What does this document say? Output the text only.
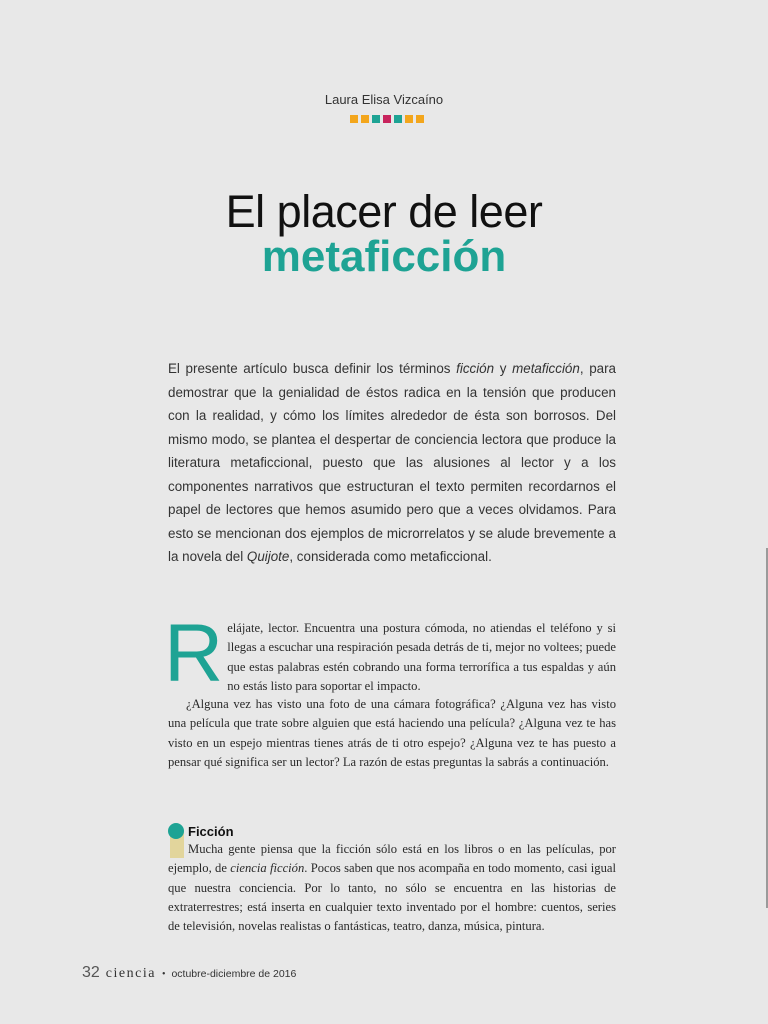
Laura Elisa Vizcaíno
El placer de leer
metaficción

El presente artículo busca definir los términos ficción y metaficción, para demostrar que la genialidad de éstos radica en la tensión que producen con la realidad, y cómo los límites alrededor de ésta son borrosos. Del mismo modo, se plantea el despertar de conciencia lectora que produce la literatura metaficcional, puesto que las alusiones al lector y a los componentes narrativos que estructuran el texto permiten recordarnos el papel de lectores que hemos asumido pero que a veces olvidamos. Para esto se mencionan dos ejemplos de microrrelatos y se alude brevemente a la novela del Quijote, considerada como metaficcional.

Relájate, lector. Encuentra una postura cómoda, no atiendas el teléfono y si llegas a escuchar una respiración pesada detrás de ti, mejor no voltees; puede que estas palabras estén cobrando una forma terrorífica a tus espaldas y aún no estás listo para soportar el impacto.

¿Alguna vez has visto una foto de una cámara fotográfica? ¿Alguna vez has visto una película que trate sobre alguien que está haciendo una película? ¿Alguna vez te has visto en un espejo mientras tienes atrás de ti otro espejo? ¿Alguna vez te has puesto a pensar qué significa ser un lector? La razón de estas preguntas la sabrás a continuación.

Ficción

Mucha gente piensa que la ficción sólo está en los libros o en las películas, por ejemplo, de ciencia ficción. Pocos saben que nos acompaña en todo momento, casi igual que nuestra conciencia. Por lo tanto, no sólo se encuentra en las historias de extraterrestres; está inserta en cualquier texto inventado por el hombre: cuentos, series de televisión, novelas realistas o fantásticas, teatro, danza, música, pintura.

32 ciencia • octubre-diciembre de 2016
